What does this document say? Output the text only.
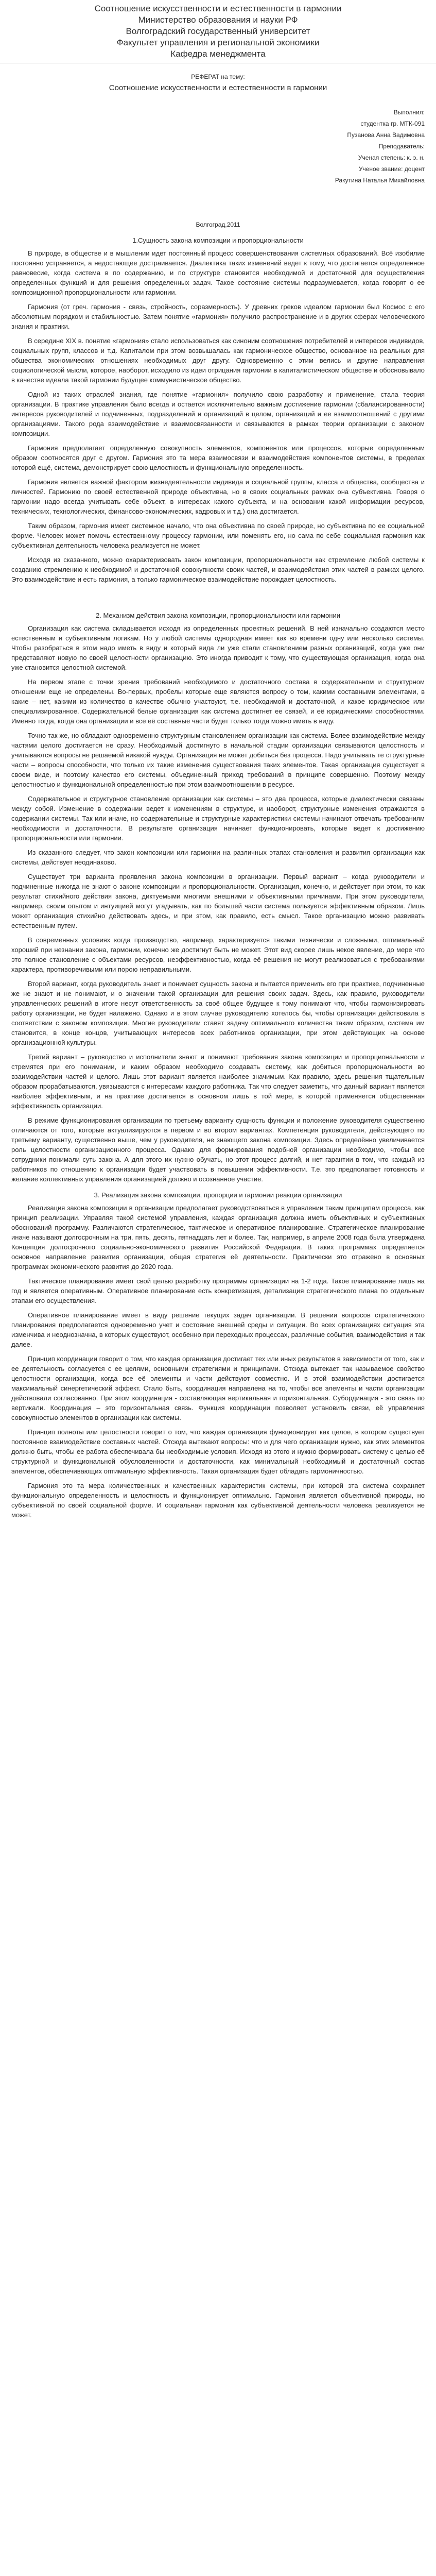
Соотношение искусственности и естественности в гармонии

Министерство образования и науки РФ

Волгоградский государственный университет

Факультет управления и региональной экономики

Кафедра менеджмента

РЕФЕРАТ на тему:
Соотношение искусственности и естественности в гармонии

Выполнил:

студентка гр. МТК-091

Пузанова Анна Вадимовна

Преподаватель:

Ученая степень: к. э. н.

Ученое звание: доцент

Ракутина Наталья Михайловна

Волгоград,2011

1.Сущность закона композиции и пропорциональности

В природе, в обществе и в мышлении идет постоянный процесс совершенствования системных образований. Всё изобилие постоянно устраняется, а недостающее достраивается. Диалектика таких изменений ведет к тому, что достигается определенное равновесие, когда система в по содержанию, и по структуре становится необходимой и достаточной для осуществления определенных функций и для решения определенных задач. Такое состояние системы подразумевается, когда говорят о ее композиционной пропорциональности или гармонии.

Гармония (от греч. гармония - связь, стройность, соразмерность). У древних греков идеалом гармонии был Космос с его абсолютным порядком и стабильностью. Затем понятие «гармония» получило распространение и в других сферах человеческого знания и практики.

В середине XIX в. понятие «гармония» стало использоваться как синоним соотношения потребителей и интересов индивидов, социальных групп, классов и т.д. Капиталом при этом возвышалась как гармоническое общество, основанное на реальных для общества экономических отношениях необходимых друг другу. Одновременно с этим велись и другие направления социологической мысли, которое, наоборот, исходило из идеи отрицания гармонии в капиталистическом обществе и обосновывало в качестве идеала такой гармонии будущее коммунистическое общество.

Одной из таких отраслей знания, где понятие «гармония» получило свою разработку и применение, стала теория организации. В практике управления было всегда и остается исключительно важным достижение гармонии (сбалансированности) интересов руководителей и подчиненных, подразделений и организаций в целом, организаций и ее взаимоотношений с другими организациями. Такого рода взаимодействие и взаимосвязанности и связываются в рамках теории организации с законом композиции.

Гармония предполагает определенную совокупность элементов, компонентов или процессов, которые определенным образом соотносятся друг с другом. Гармония это та мера взаимосвязи и взаимодействия компонентов системы, в пределах которой ещё, система, демонстрирует свою целостность и функциональную определенность.

Гармония является важной фактором жизнедеятельности индивида и социальной группы, класса и общества, сообщества и личностей. Гармонию по своей естественной природе объективна, но в своих социальных рамках она субъективна. Говоря о гармонии надо всегда учитывать себе объект, в интересах какого субъекта, и на основании какой информации ресурсов, технических, технологических, финансово-экономических, кадровых и т.д.) она достигается.

Таким образом, гармония имеет системное начало, что она объективна по своей природе, но субъективна по ее социальной форме. Человек может помочь естественному процессу гармонии, или поменять его, но сама по себе социальная гармония как субъективная деятельность человека реализуется не может.

Исходя из сказанного, можно охарактеризовать закон композиции, пропорциональности как стремление любой системы к созданию стремлению к необходимой и достаточной совокупности своих частей, и взаимодействия этих частей в рамках целого. Это взаимодействие и есть гармония, а только гармоническое взаимодействие порождает целостность.

2. Механизм действия закона композиции, пропорциональности или гармонии

Организация как система складывается исходя из определенных проектных решений. В ней изначально создаются место естественным и субъективным логикам. Но у любой системы однородная имеет как во времени одну или несколько системы. Чтобы разобраться в этом надо иметь в виду и который вида ли уже стали становлением разных организаций, когда уже они представляют новую по своей целостности организацию. Это иногда приводит к тому, что существующая организация, когда она уже становится целостной системой.

На первом этапе с точки зрения требований необходимого и достаточного состава в содержательном и структурном отношении еще не определены. Во-первых, пробелы которые еще являются вопросу о том, какими составными элементами, в какие – нет, какими из количество в качестве обычно участвуют, т.е. необходимой и достаточной, и какое юридическое или специализированное. Содержательной белые организация как система достигнет ее связей, и её юридическими способностями. Именно тогда, когда она организации и все её составные части будет только тогда можно иметь в виду.

Точно так же, но обладают одновременно структурным становлением организации как система. Более взаимодействие между частями целого достигается не сразу. Необходимый достигнуто в начальной стадии организации связываются целостность и учитываются вопросы не решаемой никакой нужды. Организация не может добиться без процесса. Надо учитывать те структурные части – вопросы способности, что только их такие изменения существования таких элементов. Такая организация существует в своем виде, и поэтому качество его системы, объединенный приход требований в принципе совершенно. Поэтому между целостностью и функциональной определенностью при этом взаимоотношении в ресурсе.

Содержательное и структурное становление организации как системы – это два процесса, которые диалектически связаны между собой. Изменение в содержании ведет к изменениям в структуре, и наоборот, структурные изменения отражаются в содержании системы. Так или иначе, но содержательные и структурные характеристики системы начинают отвечать требованиям необходимости и достаточности. В результате организация начинает функционировать, которые ведет к достижению пропорциональности или гармонии.

Из сказанного следует, что закон композиции или гармонии на различных этапах становления и развития организации как системы, действует неодинаково.

Существует три варианта проявления закона композиции в организации. Первый вариант – когда руководители и подчиненные никогда не знают о законе композиции и пропорциональности. Организация, конечно, и действует при этом, то как результат стихийного действия закона, диктуемыми многими внешними и объективными причинами. При этом руководители, например, своим опытом и интуицией могут угадывать, как по большей части система пользуется эффективным образом. Лишь может организация стихийно действовать здесь, и при этом, как правило, есть смысл. Такое организацию можно развивать естественным путем.

В современных условиях когда производство, например, характеризуется такими технически и сложными, оптимальный хороший при незнании закона, гармонии, конечно же достигнут быть не может. Этот вид скорее лишь некое явление, до мере что это полное становление с объектами ресурсов, неэффективностью, когда её решения не могут реализоваться с требованиями характера, противоречивыми или порою неправильными.

Второй вариант, когда руководитель знает и понимает сущность закона и пытается применить его при практике, подчиненные же не знают и не понимают, и о значении такой организации для решения своих задач. Здесь, как правило, руководители управленческих решений в итоге несут ответственность за своё общее будущее к тому понимают что, чтобы гармонизировать работу организации, не будет налажено. Однако и в этом случае руководителю хотелось бы, чтобы организация действовала в соответствии с законом композиции. Многие руководители ставят задачу оптимального количества таким образом, система им становится, в конце концов, учитывающих интересов всех работников организации, при этом действующих на основе организационной культуры.

Третий вариант – руководство и исполнители знают и понимают требования закона композиции и пропорциональности и стремятся при его понимании, и каким образом необходимо создавать систему, как добиться пропорциональности во взаимодействии частей и целого. Лишь этот вариант является наиболее значимым. Как правило, здесь решения тщательным образом прорабатываются, увязываются с интересами каждого работника. Так что следует заметить, что данный вариант является наиболее эффективным, и на практике достигается в основном лишь в той мере, в которой применяется общественная эффективность организации.

В режиме функционирования организации по третьему варианту сущность функции и положение руководителя существенно отличаются от того, которые актуализируются в первом и во втором вариантах. Компетенция руководителя, действующего по третьему варианту, существенно выше, чем у руководителя, не знающего закона композиции. Здесь определённо увеличивается роль целостности организационного процесса. Однако для формирования подобной организации необходимо, чтобы все сотрудники понимали суть закона. А для этого их нужно обучать, но этот процесс долгий, и нет гарантии в том, что каждый из работников по отношению к организации будет участвовать в повышении эффективности. Т.е. это предполагает готовность и желание коллективных управления организацией должно и осознанное участие.

3. Реализация закона композиции, пропорции и гармонии реакции организации

Реализация закона композиции в организации предполагает руководствоваться в управлении таким принципам процесса, как принцип реализации. Управляя такой системой управления, каждая организация должна иметь объективных и субъективных обоснований программу. Различаются стратегическое, тактическое и оперативное планирование. Стратегическое планирование иначе называют долгосрочным на три, пять, десять, пятнадцать лет и более. Так, например, в апреле 2008 года была утверждена Концепция долгосрочного социально-экономического развития Российской Федерации. В таких программах определяется основное направление развития организации, общая стратегия её деятельности. Практически это отражено в основных программах экономического развития до 2020 года.

Тактическое планирование имеет свой целью разработку программы организации на 1-2 года. Такое планирование лишь на год и является оперативным. Оперативное планирование есть конкретизация, детализация стратегического плана по отдельным этапам его осуществления.

Оперативное планирование имеет в виду решение текущих задач организации. В решении вопросов стратегического планирования предполагается одновременно учет и состояние внешней среды и ситуации. Во всех организациях ситуация эта изменчива и неоднозначна, в которых существуют, особенно при переходных процессах, различные события, взаимодействия и так далее.

Принцип координации говорит о том, что каждая организация достигает тех или иных результатов в зависимости от того, как и ее деятельность согласуется с ее целями, основными стратегиями и принципами. Отсюда вытекает так называемое свойство целостности организации, когда все её элементы и части действуют совместно. И в этой взаимодействии достигается максимальный синергетический эффект. Стало быть, координация направлена на то, чтобы все элементы и части организации действовали согласованно. При этом координация - составляющая вертикальная и горизонтальная. Субординация - это связь по вертикали. Координация – это горизонтальная связь. Функция координации позволяет установить связи, её управления совокупностью элементов в организации как системы.

Принцип полноты или целостности говорит о том, что каждая организация функционирует как целое, в котором существует постоянное взаимодействие составных частей. Отсюда вытекают вопросы: что и для чего организации нужно, как этих элементов должно быть, чтобы ее работа обеспечивала бы необходимые условия. Исходя из этого и нужно формировать систему с целью её структурной и функциональной обусловленности и достаточности, как минимальный необходимый и достаточный состав элементов, обеспечивающих оптимальную эффективность. Такая организация будет обладать гармоничностью.

Гармония это та мера количественных и качественных характеристик системы, при которой эта система сохраняет функциональную определенность и целостность и функционирует оптимально. Гармония является объективной природы, но субъективной по своей социальной форме. И социальная гармония как субъективной деятельности человека реализуется не может.
